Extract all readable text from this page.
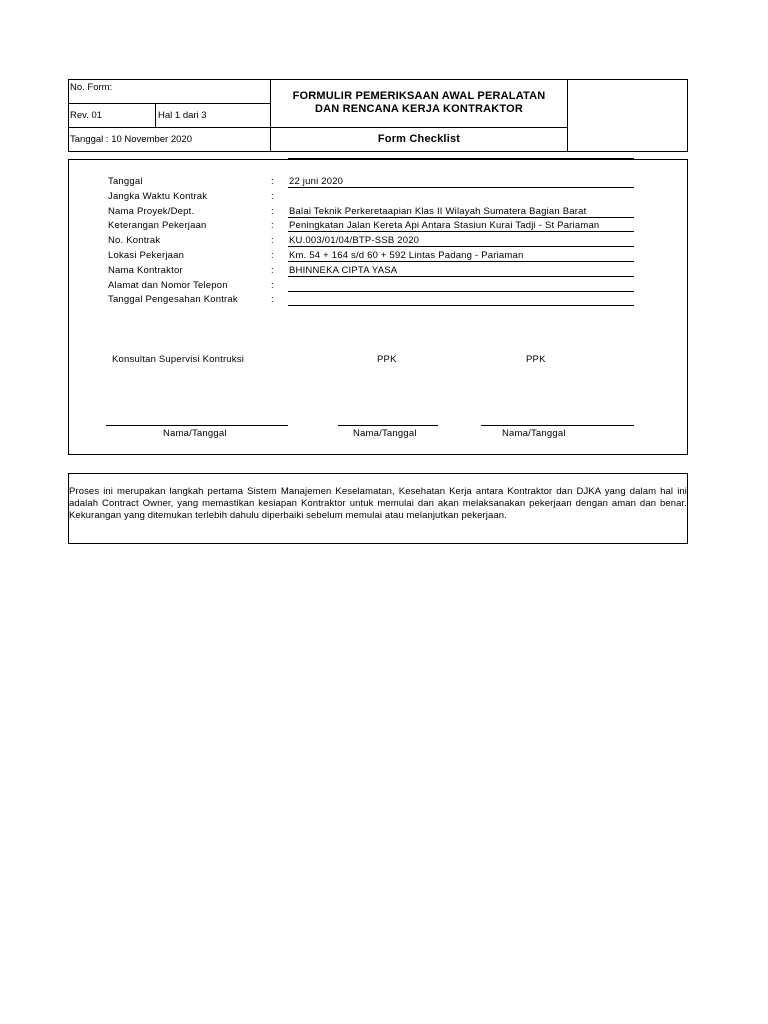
No. Form:
Rev. 01	Hal 1 dari 3
Tanggal : 10 November 2020
FORMULIR PEMERIKSAAN AWAL PERALATAN
DAN RENCANA KERJA KONTRAKTOR
Form Checklist
Tanggal	: 22 juni 2020
Jangka Waktu Kontrak	:
Nama Proyek/Dept.	: Balai Teknik Perkeretaapian Klas II Wilayah Sumatera Bagian Barat
Keterangan Pekerjaan	: Peningkatan Jalan Kereta Api Antara Stasiun Kurai Tadji - St Pariaman
No. Kontrak	: KU.003/01/04/BTP-SSB 2020
Lokasi Pekerjaan	: Km. 54 + 164 s/d 60 + 592 Lintas Padang - Pariaman
Nama Kontraktor	: BHINNEKA CIPTA YASA
Alamat dan Nomor Telepon	:
Tanggal Pengesahan Kontrak	:
Konsultan Supervisi Kontruksi	PPK	PPK
Nama/Tanggal	Nama/Tanggal	Nama/Tanggal
Proses ini merupakan langkah pertama Sistem Manajemen Keselamatan, Kesehatan Kerja antara Kontraktor dan DJKA yang dalam hal ini adalah Contract Owner, yang memastikan kesiapan Kontraktor untuk memulai dan akan melaksanakan pekerjaan dengan aman dan benar. Kekurangan yang ditemukan terlebih dahulu diperbaiki sebelum memulai atau melanjutkan pekerjaan.
